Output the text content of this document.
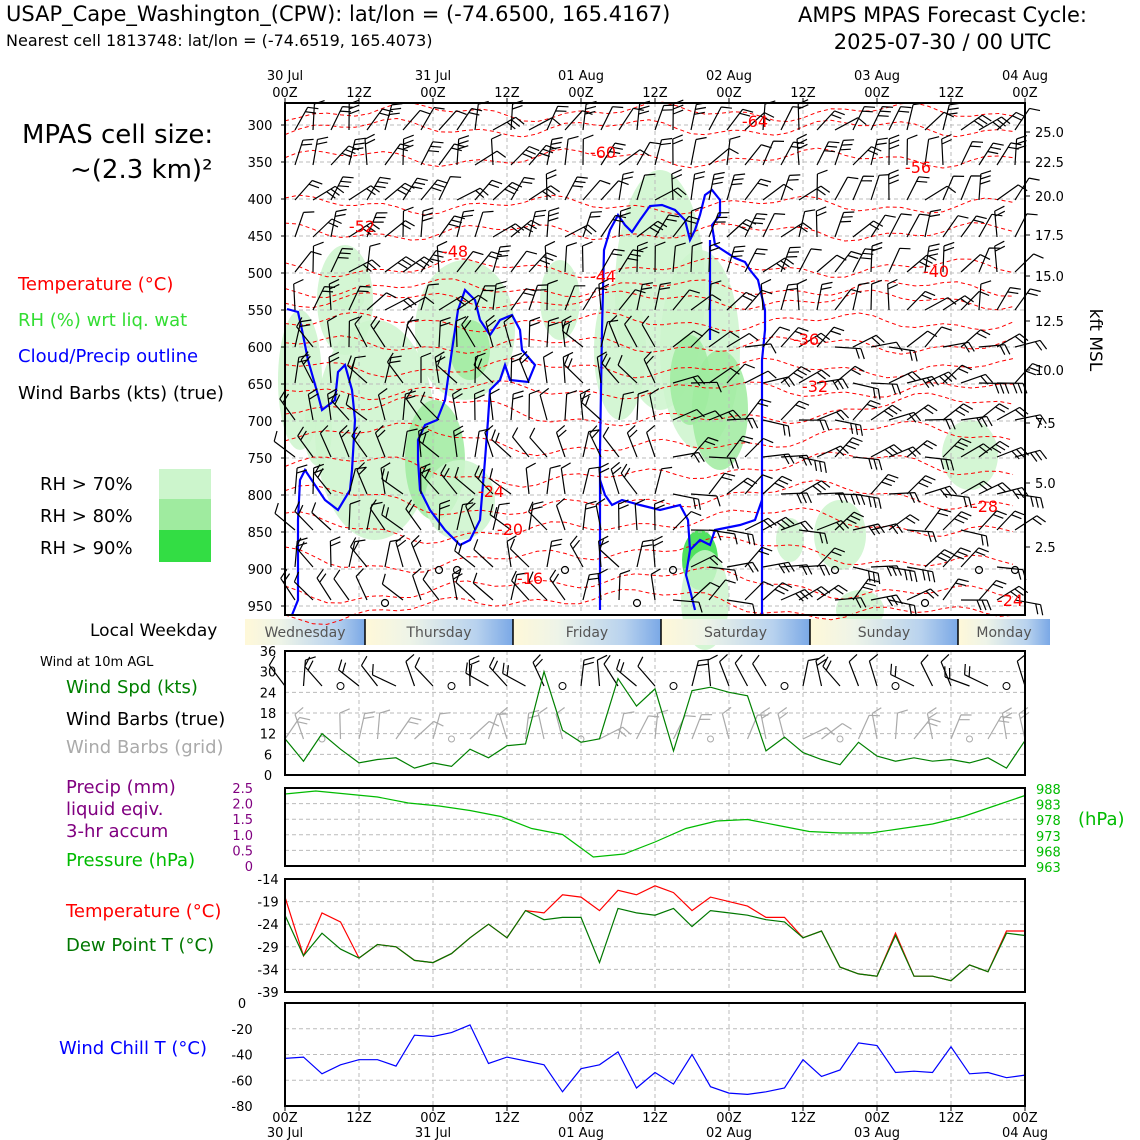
USAP_Cape_Washington_(CPW): lat/lon = (-74.6500, 165.4167)
Nearest cell 1813748: lat/lon = (-74.6519, 165.4073)
AMPS MPAS Forecast Cycle:
2025-07-30 / 00 UTC
MPAS cell size:
~(2.3 km)²
Temperature (°C)
RH (%) wrt liq. wat
Cloud/Precip outline
Wind Barbs (kts) (true)
RH > 70%
RH > 80%
RH > 90%
Local Weekday
Wind at 10m AGL
Wind Spd (kts)
Wind Barbs (true)
Wind Barbs (grid)
Precip (mm)
liquid eqiv.
3-hr accum
Pressure (hPa)
(hPa)
Temperature (°C)
Dew Point T (°C)
Wind Chill T (°C)
300
350
400
450
500
550
600
650
700
750
800
850
900
950
25.0
22.5
20.0
17.5
15.0
12.5
10.0
7.5
5.0
2.5
kft MSL
-64
-60
-56
-52
-48
-44	-40
-36
-32
-28
-24
-20
-16
-24
00Z	12Z	00Z	12Z	00Z	12Z	00Z	12Z	00Z	12Z	00Z
30 Jul	31 Jul	01 Aug	02 Aug	03 Aug	04 Aug
Wednesday	Thursday	Friday	Saturday	Sunday	Monday
0
6
12
18
24
30
36
0
0.5
1.0
1.5
2.0
2.5
963
968
973
978
983
988
-14
-19
-24
-29
-34
-39
0
-20
-40
-60
-80
00Z	12Z	00Z	12Z	00Z	12Z	00Z	12Z	00Z	12Z	00Z
30 Jul	31 Jul	01 Aug	02 Aug	03 Aug	04 Aug
